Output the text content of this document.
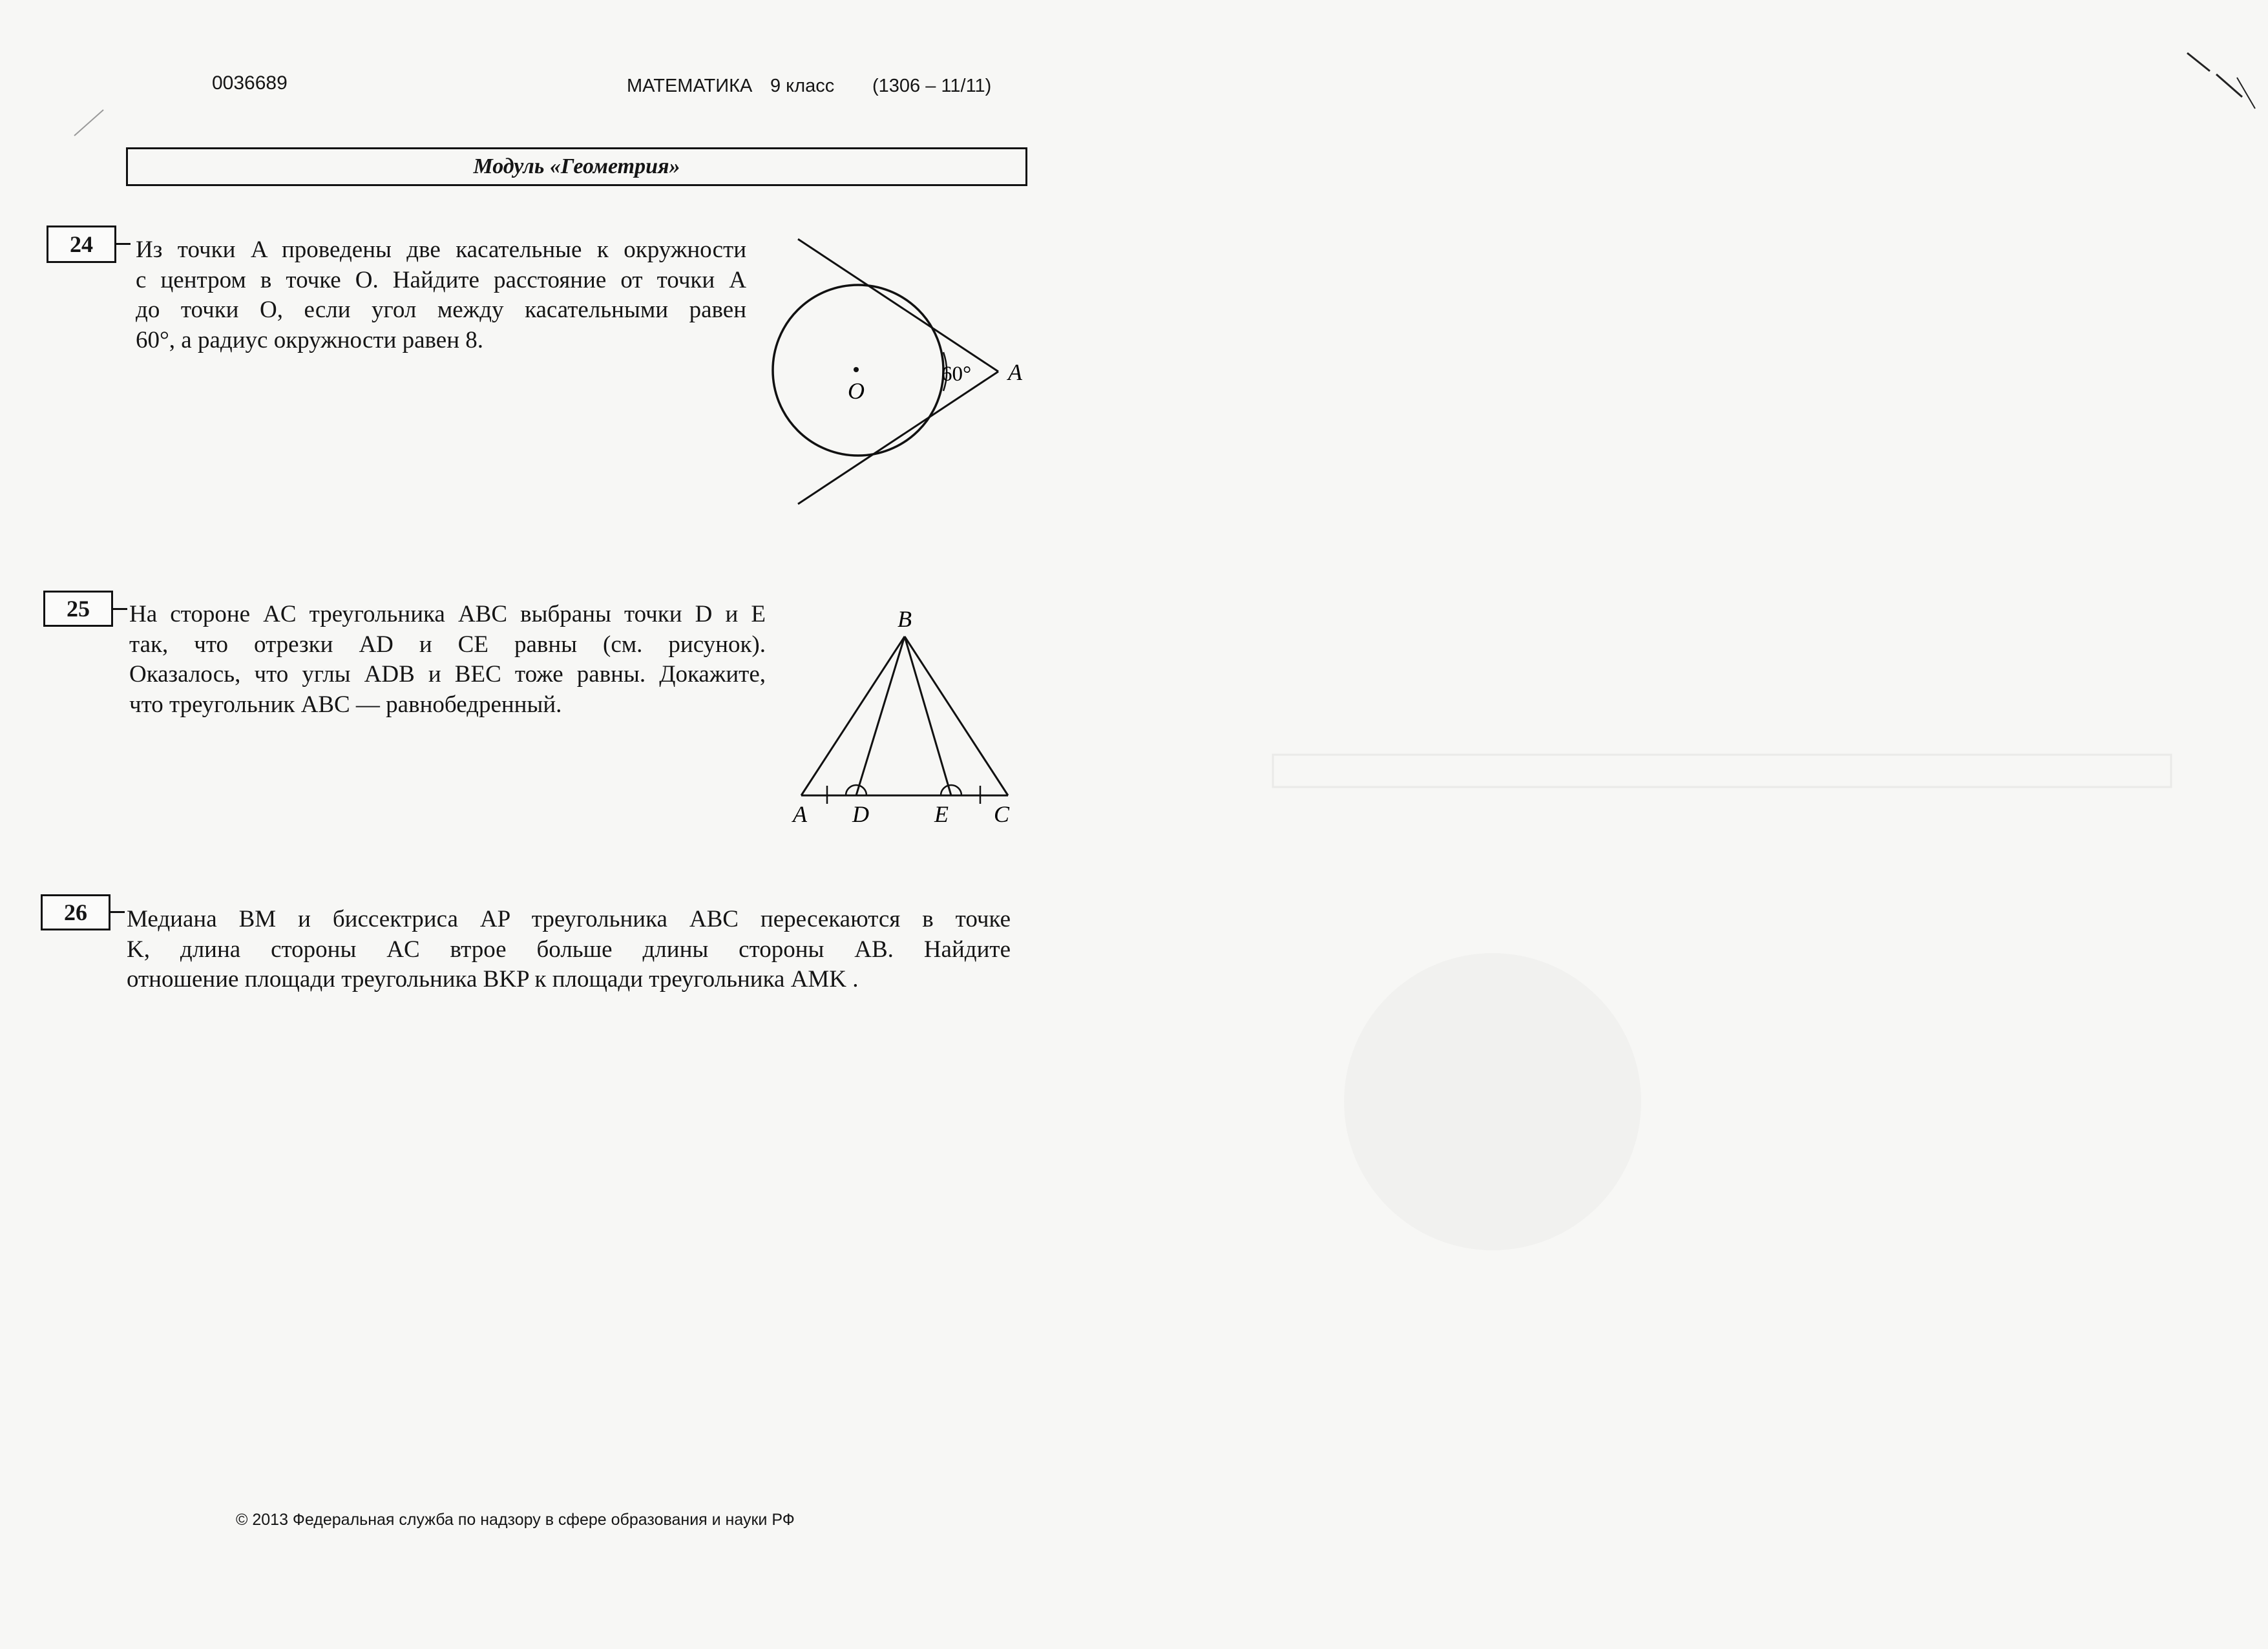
0036689	МАТЕМАТИКА 9 класс (1306 – 11/11)
Модуль «Геометрия»
24 Из точки A проведены две касательные к окружности
с центром в точке O. Найдите расстояние от точки A
до точки O, если угол между касательными равен
60°, а радиус окружности равен 8.
O
A
60°
25 На стороне AC треугольника ABC выбраны точки D и E
так, что отрезки AD и CE равны (см. рисунок).
Оказалось, что углы ADB и BEC тоже равны. Докажите,
что треугольник ABC — равнобедренный.
B
A D	E C
26 Медиана BM и биссектриса AP треугольника ABC пересекаются в точке
K, длина стороны AC втрое больше длины стороны AB. Найдите
отношение площади треугольника BKP к площади треугольника AMK .
© 2013 Федеральная служба по надзору в сфере образования и науки РФ
